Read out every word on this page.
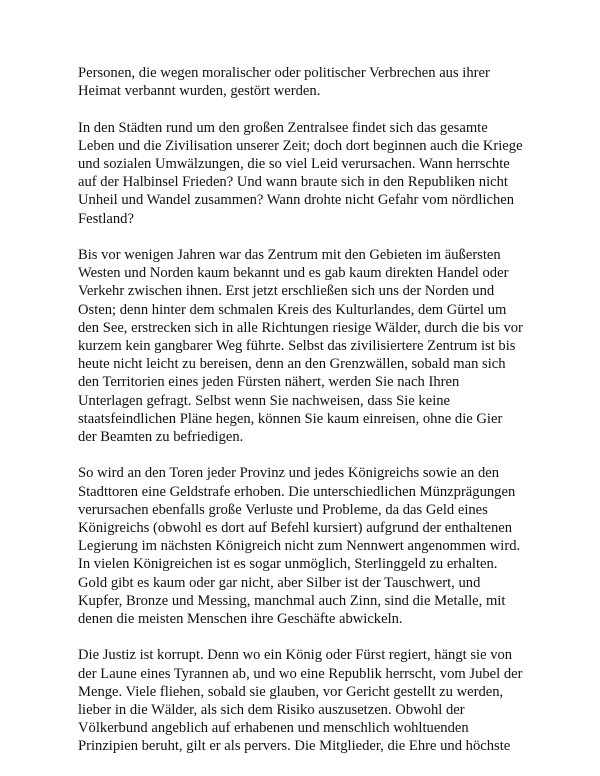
Personen, die wegen moralischer oder politischer Verbrechen aus ihrer
Heimat verbannt wurden, gestört werden.

In den Städten rund um den großen Zentralsee findet sich das gesamte
Leben und die Zivilisation unserer Zeit; doch dort beginnen auch die Kriege
und sozialen Umwälzungen, die so viel Leid verursachen. Wann herrschte
auf der Halbinsel Frieden? Und wann braute sich in den Republiken nicht
Unheil und Wandel zusammen? Wann drohte nicht Gefahr vom nördlichen
Festland?

Bis vor wenigen Jahren war das Zentrum mit den Gebieten im äußersten
Westen und Norden kaum bekannt und es gab kaum direkten Handel oder
Verkehr zwischen ihnen. Erst jetzt erschließen sich uns der Norden und
Osten; denn hinter dem schmalen Kreis des Kulturlandes, dem Gürtel um
den See, erstrecken sich in alle Richtungen riesige Wälder, durch die bis vor
kurzem kein gangbarer Weg führte. Selbst das zivilisiertere Zentrum ist bis
heute nicht leicht zu bereisen, denn an den Grenzwällen, sobald man sich
den Territorien eines jeden Fürsten nähert, werden Sie nach Ihren
Unterlagen gefragt. Selbst wenn Sie nachweisen, dass Sie keine
staatsfeindlichen Pläne hegen, können Sie kaum einreisen, ohne die Gier
der Beamten zu befriedigen.

So wird an den Toren jeder Provinz und jedes Königreichs sowie an den
Stadttoren eine Geldstrafe erhoben. Die unterschiedlichen Münzprägungen
verursachen ebenfalls große Verluste und Probleme, da das Geld eines
Königreichs (obwohl es dort auf Befehl kursiert) aufgrund der enthaltenen
Legierung im nächsten Königreich nicht zum Nennwert angenommen wird.
In vielen Königreichen ist es sogar unmöglich, Sterlinggeld zu erhalten.
Gold gibt es kaum oder gar nicht, aber Silber ist der Tauschwert, und
Kupfer, Bronze und Messing, manchmal auch Zinn, sind die Metalle, mit
denen die meisten Menschen ihre Geschäfte abwickeln.

Die Justiz ist korrupt. Denn wo ein König oder Fürst regiert, hängt sie von
der Laune eines Tyrannen ab, und wo eine Republik herrscht, vom Jubel der
Menge. Viele fliehen, sobald sie glauben, vor Gericht gestellt zu werden,
lieber in die Wälder, als sich dem Risiko auszusetzen. Obwohl der
Völkerbund angeblich auf erhabenen und menschlich wohltuenden
Prinzipien beruht, gilt er als pervers. Die Mitglieder, die Ehre und höchste
